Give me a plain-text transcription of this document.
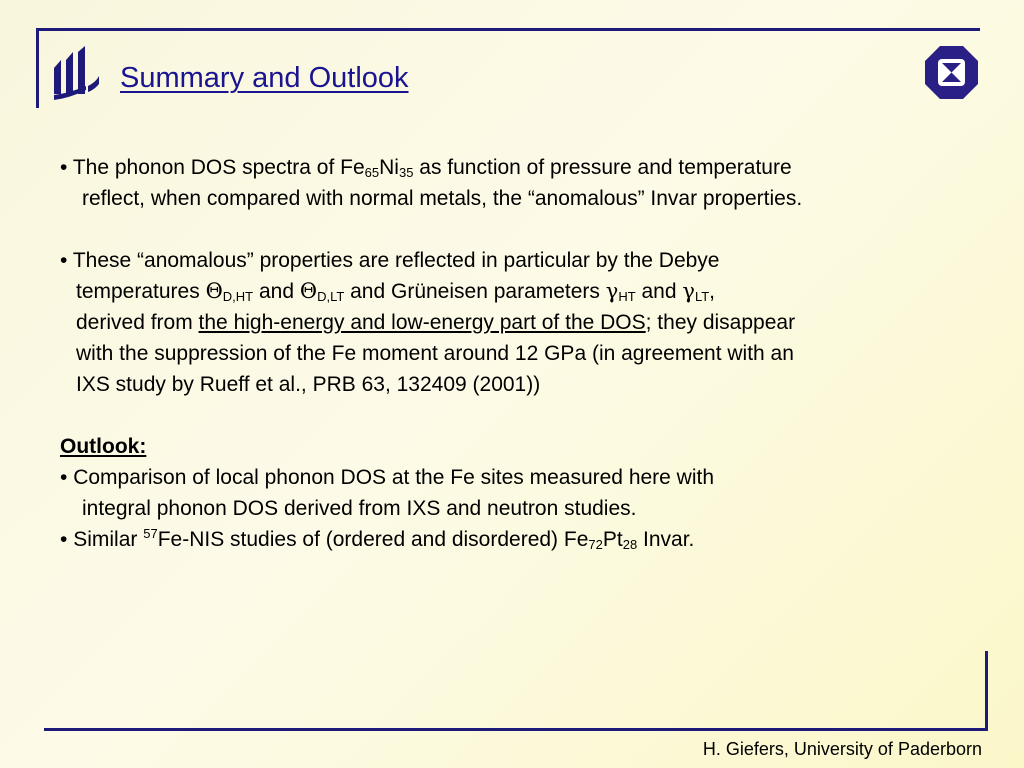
Summary and Outlook
• The phonon DOS spectra of $Fe_{65}Ni_{35}$ as function of pressure and temperature
reflect, when compared with normal metals, the “anomalous” Invar properties.
• These “anomalous” properties are reflected in particular by the Debye
temperatures $\Theta_{D,HT}$ and $\Theta_{D,LT}$ and Grüneisen parameters $\gamma_{HT}$ and $\gamma_{LT}$,
derived from the high-energy and low-energy part of the DOS; they disappear
with the suppression of the Fe moment around 12 GPa (in agreement with an
IXS study by Rueff et al., PRB 63, 132409 (2001))
Outlook:
• Comparison of local phonon DOS at the Fe sites measured here with
integral phonon DOS derived from IXS and neutron studies.
• Similar $^{57}$Fe-NIS studies of (ordered and disordered) $Fe_{72}Pt_{28}$ Invar.
H. Giefers, University of Paderborn
